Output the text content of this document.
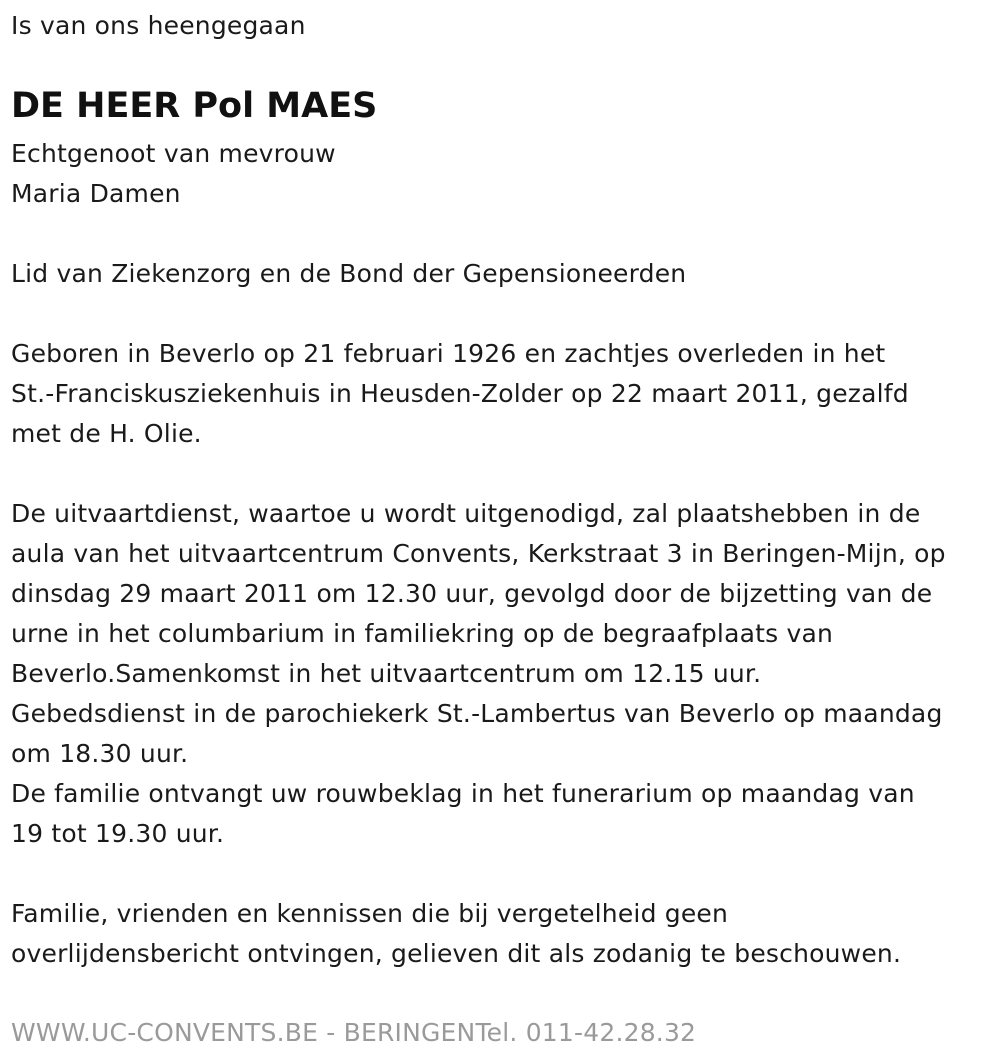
Is van ons heengegaan
DE HEER Pol MAES
Echtgenoot van mevrouw
Maria Damen
Lid van Ziekenzorg en de Bond der Gepensioneerden
Geboren in Beverlo op 21 februari 1926 en zachtjes overleden in het
St.-Franciskusziekenhuis in Heusden-Zolder op 22 maart 2011, gezalfd
met de H. Olie.
De uitvaartdienst, waartoe u wordt uitgenodigd, zal plaatshebben in de
aula van het uitvaartcentrum Convents, Kerkstraat 3 in Beringen-Mijn, op
dinsdag 29 maart 2011 om 12.30 uur, gevolgd door de bijzetting van de
urne in het columbarium in familiekring op de begraafplaats van
Beverlo.Samenkomst in het uitvaartcentrum om 12.15 uur.
Gebedsdienst in de parochiekerk St.-Lambertus van Beverlo op maandag
om 18.30 uur.
De familie ontvangt uw rouwbeklag in het funerarium op maandag van
19 tot 19.30 uur.
Familie, vrienden en kennissen die bij vergetelheid geen
overlijdensbericht ontvingen, gelieven dit als zodanig te beschouwen.
WWW.UC-CONVENTS.BE - BERINGENTel. 011-42.28.32
